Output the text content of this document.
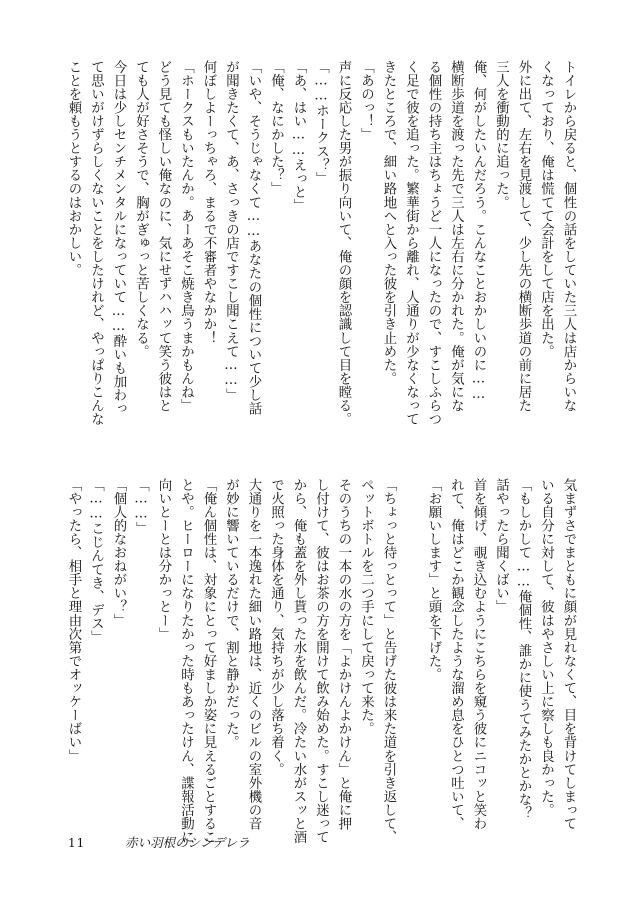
トイレから戻ると、個性の話をしていた三人は店からいな

くなっており、俺は慌てて会計をして店を出た。

外に出て、左右を見渡して、少し先の横断歩道の前に居た

三人を衝動的に追った。

俺、何がしたいんだろう。こんなことおかしいのに……

横断歩道を渡った先で三人は左右に分かれた。俺が気にな

る個性の持ち主はちょうど一人になったので、すこしふらつ

く足で彼を追った。繁華街から離れ、人通りが少なくなって

きたところで、細い路地へと入った彼を引き止めた。

「あのっ！」

声に反応した男が振り向いて、俺の顔を認識して目を瞠る。

「……ホークス？」

「あ、はい……えっと」

「俺、なにかした？」

「いや、そうじゃなくて……あなたの個性について少し話

が聞きたくて、あ、さっきの店ですこし聞こえて……」

何ぼしよーっちゃろ、まるで不審者やなかか！

「ホークスもいたんか。あーあそこ焼き鳥うまかもんね」

どう見ても怪しい俺なのに、気にせずハハッて笑う彼はと

ても人が好さそうで、胸がぎゅっと苦しくなる。

今日は少しセンチメンタルになっていて……酔いも加わっ

て思いがけずらしくないことをしたけれど、やっぱりこんな

ことを頼もうとするのはおかしい。

気まずさでまともに顔が見れなくて、目を背けてしまって

いる自分に対して、彼はやさしい上に察しも良かった。

「もしかして……俺個性、誰かに使うてみたかとかな？

話やったら聞くばい」

首を傾げ、覗き込むようにこちらを窺う彼にニコッと笑わ

れて、俺はどこか観念したような溜め息をひとつ吐いて、

「お願いします」と頭を下げた。

「ちょっと待っとって」と告げた彼は来た道を引き返して、

ペットボトルを二つ手にして戻って来た。

そのうちの一本の水の方を「よかけんよかけん」と俺に押

し付けて、彼はお茶の方を開けて飲み始めた。すこし迷って

から、俺も蓋を外し貰った水を飲んだ。冷たい水がスッと酒

で火照った身体を通り、気持ちが少し落ち着く。

大通りを一本逸れた細い路地は、近くのビルの室外機の音

が妙に響いているだけで、割と静かだった。

「俺ん個性は、対象にとって好ましか姿に見えるごとするこ

とや。ヒーローになりたかった時もあったけん、諜報活動に

向いとーとは分かっとー」

「……」

「個人的なおねがい？」

「……こじんてき、デス」

「やったら、相手と理由次第でオッケーばい」

11	赤い羽根のシンデレラ
